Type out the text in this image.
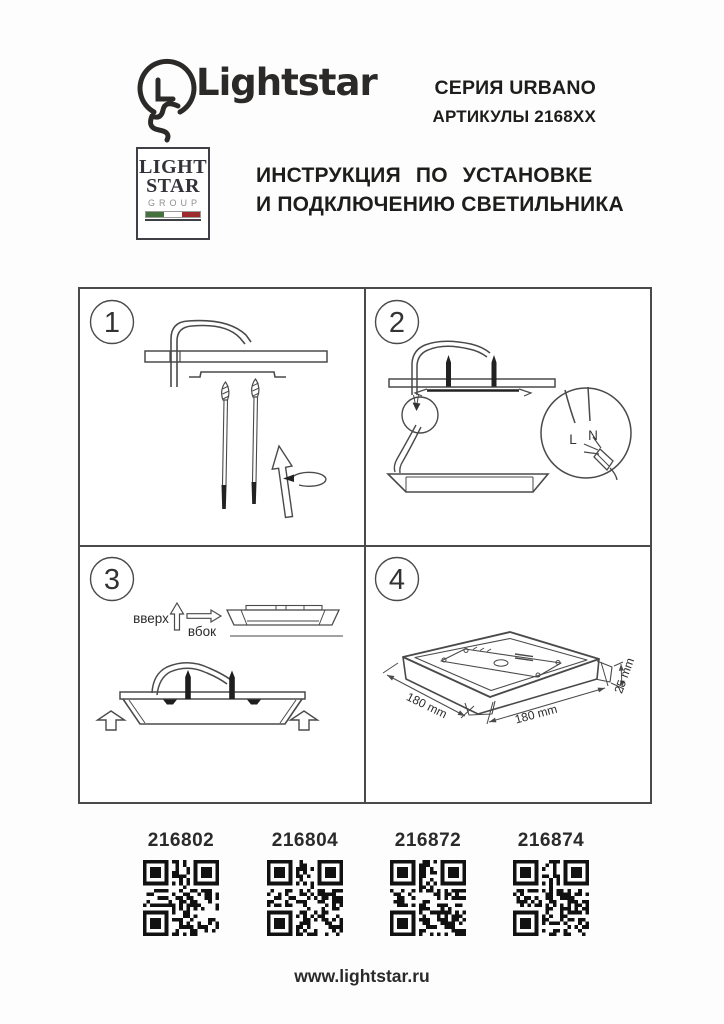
Lightstar	СЕРИЯ URBANO
АРТИКУЛЫ 2168XX
LIGHT
STAR
GROUP
ИНСТРУКЦИЯ ПО УСТАНОВКЕ
И ПОДКЛЮЧЕНИЮ СВЕТИЛЬНИКА
1	2
L N
3
вверх
вбок
4
180 mm	180 mm
25 mm
216802	216804	216872	216874
www.lightstar.ru
